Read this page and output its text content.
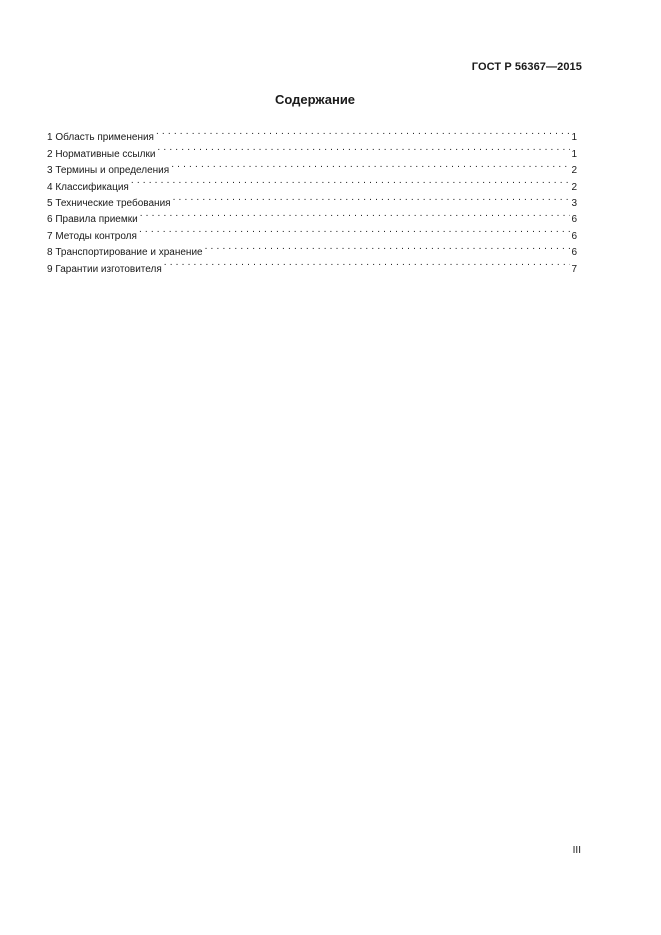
ГОСТ Р 56367—2015
Содержание
1 Область применения . . .	1
2 Нормативные ссылки . . .	1
3 Термины и определения . . .	2
4 Классификация . . .	2
5 Технические требования . . .	3
6 Правила приемки . . .	6
7 Методы контроля . . .	6
8 Транспортирование и хранение . . .	6
9 Гарантии изготовителя . . .	7
III
